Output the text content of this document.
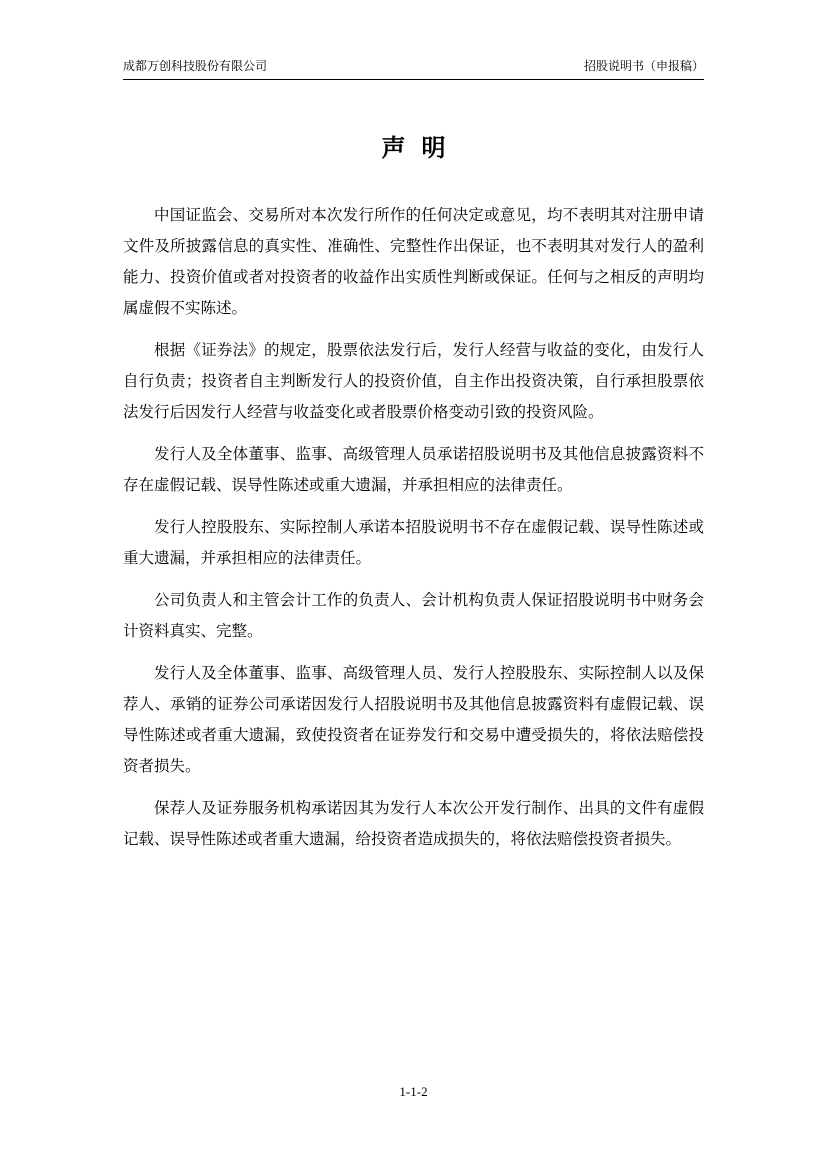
成都万创科技股份有限公司	招股说明书（申报稿）
声明

中国证监会、交易所对本次发行所作的任何决定或意见，均不表明其对注册申请文件及所披露信息的真实性、准确性、完整性作出保证，也不表明其对发行人的盈利能力、投资价值或者对投资者的收益作出实质性判断或保证。任何与之相反的声明均属虚假不实陈述。

根据《证券法》的规定，股票依法发行后，发行人经营与收益的变化，由发行人自行负责；投资者自主判断发行人的投资价值，自主作出投资决策，自行承担股票依法发行后因发行人经营与收益变化或者股票价格变动引致的投资风险。

发行人及全体董事、监事、高级管理人员承诺招股说明书及其他信息披露资料不存在虚假记载、误导性陈述或重大遗漏，并承担相应的法律责任。

发行人控股股东、实际控制人承诺本招股说明书不存在虚假记载、误导性陈述或重大遗漏，并承担相应的法律责任。

公司负责人和主管会计工作的负责人、会计机构负责人保证招股说明书中财务会计资料真实、完整。

发行人及全体董事、监事、高级管理人员、发行人控股股东、实际控制人以及保荐人、承销的证券公司承诺因发行人招股说明书及其他信息披露资料有虚假记载、误导性陈述或者重大遗漏，致使投资者在证券发行和交易中遭受损失的，将依法赔偿投资者损失。

保荐人及证券服务机构承诺因其为发行人本次公开发行制作、出具的文件有虚假记载、误导性陈述或者重大遗漏，给投资者造成损失的，将依法赔偿投资者损失。

1-1-2
